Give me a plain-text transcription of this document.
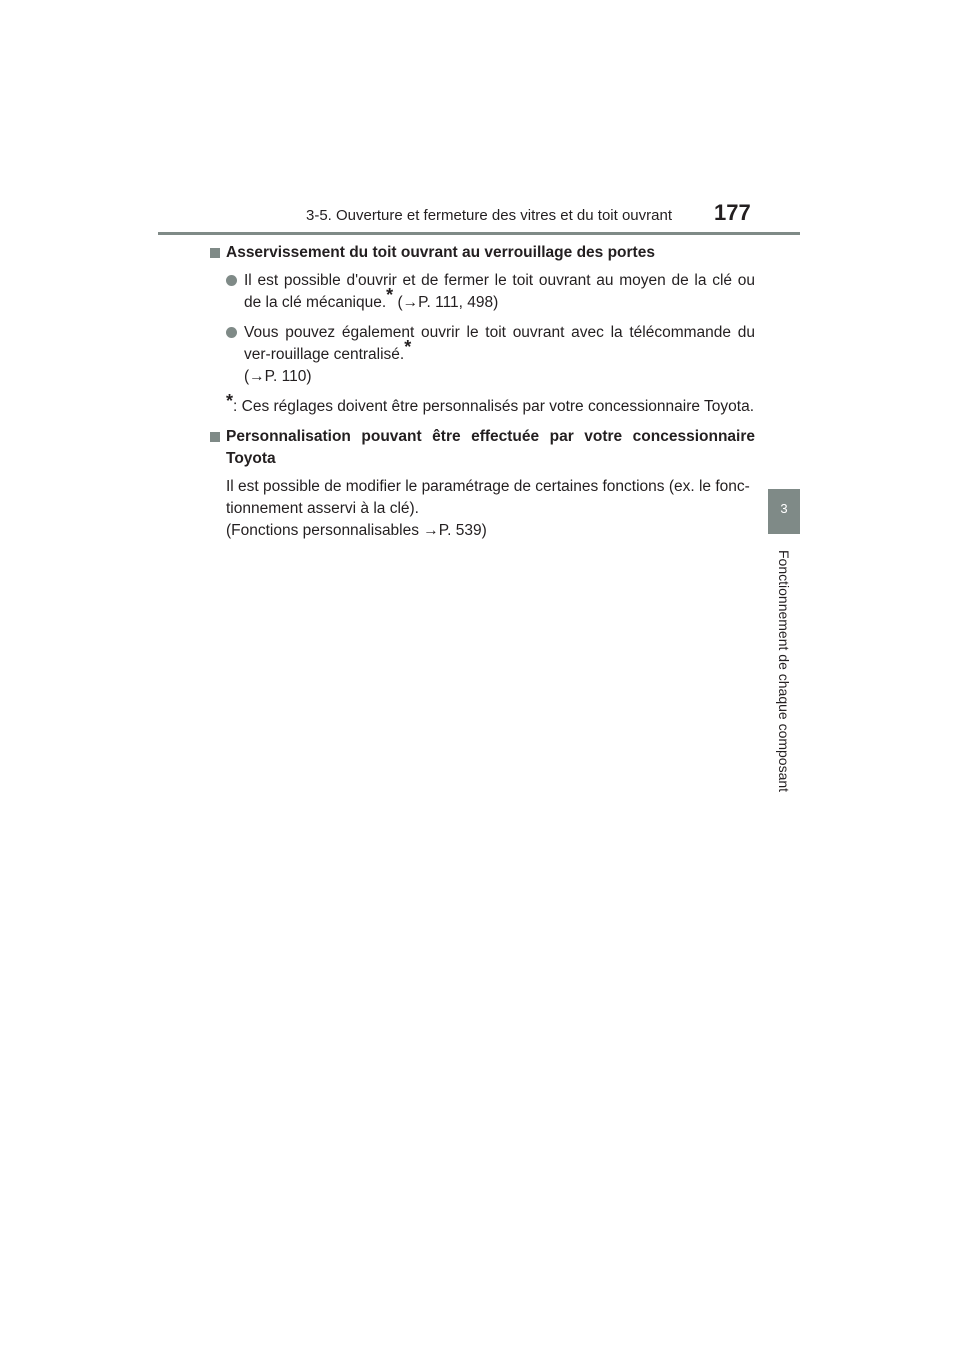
3-5. Ouverture et fermeture des vitres et du toit ouvrant 177
3
Fonctionnement de chaque composant
Asservissement du toit ouvrant au verrouillage des portes
Il est possible d'ouvrir et de fermer le toit ouvrant au moyen de la clé ou de la clé mécanique.* (→P. 111, 498)
Vous pouvez également ouvrir le toit ouvrant avec la télécommande du ver-rouillage centralisé.*
(→P. 110)
*: Ces réglages doivent être personnalisés par votre concessionnaire Toyota.
Personnalisation pouvant être effectuée par votre concessionnaire Toyota
Il est possible de modifier le paramétrage de certaines fonctions (ex. le fonc-tionnement asservi à la clé).
(Fonctions personnalisables →P. 539)
